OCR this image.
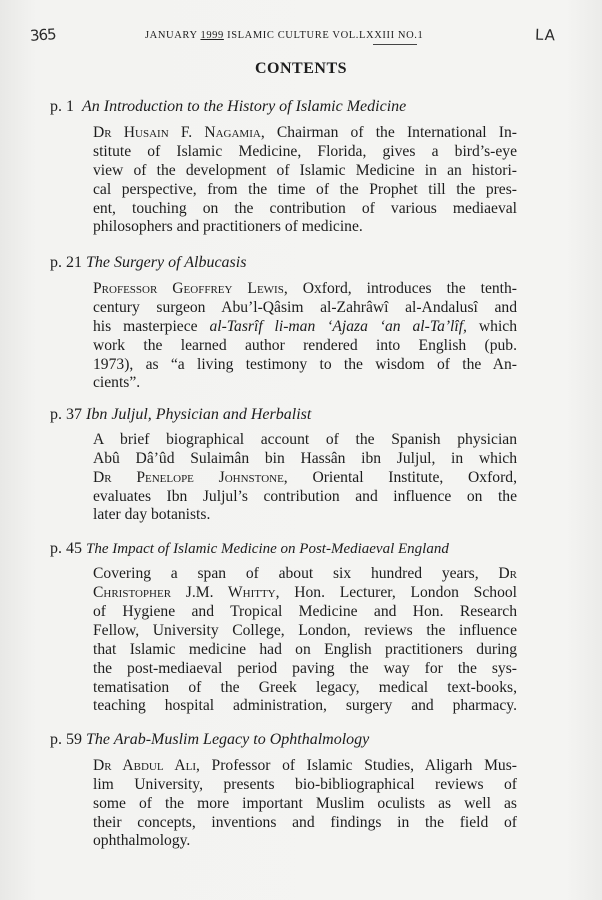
365	LA
JANUARY 1999 ISLAMIC CULTURE VOL.LXXIII NO.1
CONTENTS
p. 1 An Introduction to the History of Islamic Medicine
Dr Husain F. Nagamia, Chairman of the International In-
stitute of Islamic Medicine, Florida, gives a bird’s-eye
view of the development of Islamic Medicine in an histori-
cal perspective, from the time of the Prophet till the pres-
ent, touching on the contribution of various mediaeval
philosophers and practitioners of medicine.
p. 21 The Surgery of Albucasis
Professor Geoffrey Lewis, Oxford, introduces the tenth-
century surgeon Abu’l-Qâsim al-Zahrâwî al-Andalusî and
his masterpiece al-Tasrîf li-man ‘Ajaza ‘an al-Ta’lîf, which
work the learned author rendered into English (pub.
1973), as “a living testimony to the wisdom of the An-
cients”.
p. 37 Ibn Juljul, Physician and Herbalist
A brief biographical account of the Spanish physician
Abû Dâ’ûd Sulaimân bin Hassân ibn Juljul, in which
Dr Penelope Johnstone, Oriental Institute, Oxford,
evaluates Ibn Juljul’s contribution and influence on the
later day botanists.
p. 45 The Impact of Islamic Medicine on Post-Mediaeval England
Covering a span of about six hundred years, Dr
Christopher J.M. Whitty, Hon. Lecturer, London School
of Hygiene and Tropical Medicine and Hon. Research
Fellow, University College, London, reviews the influence
that Islamic medicine had on English practitioners during
the post-mediaeval period paving the way for the sys-
tematisation of the Greek legacy, medical text-books,
teaching hospital administration, surgery and pharmacy.
p. 59 The Arab-Muslim Legacy to Ophthalmology
Dr Abdul Ali, Professor of Islamic Studies, Aligarh Mus-
lim University, presents bio-bibliographical reviews of
some of the more important Muslim oculists as well as
their concepts, inventions and findings in the field of
ophthalmology.
